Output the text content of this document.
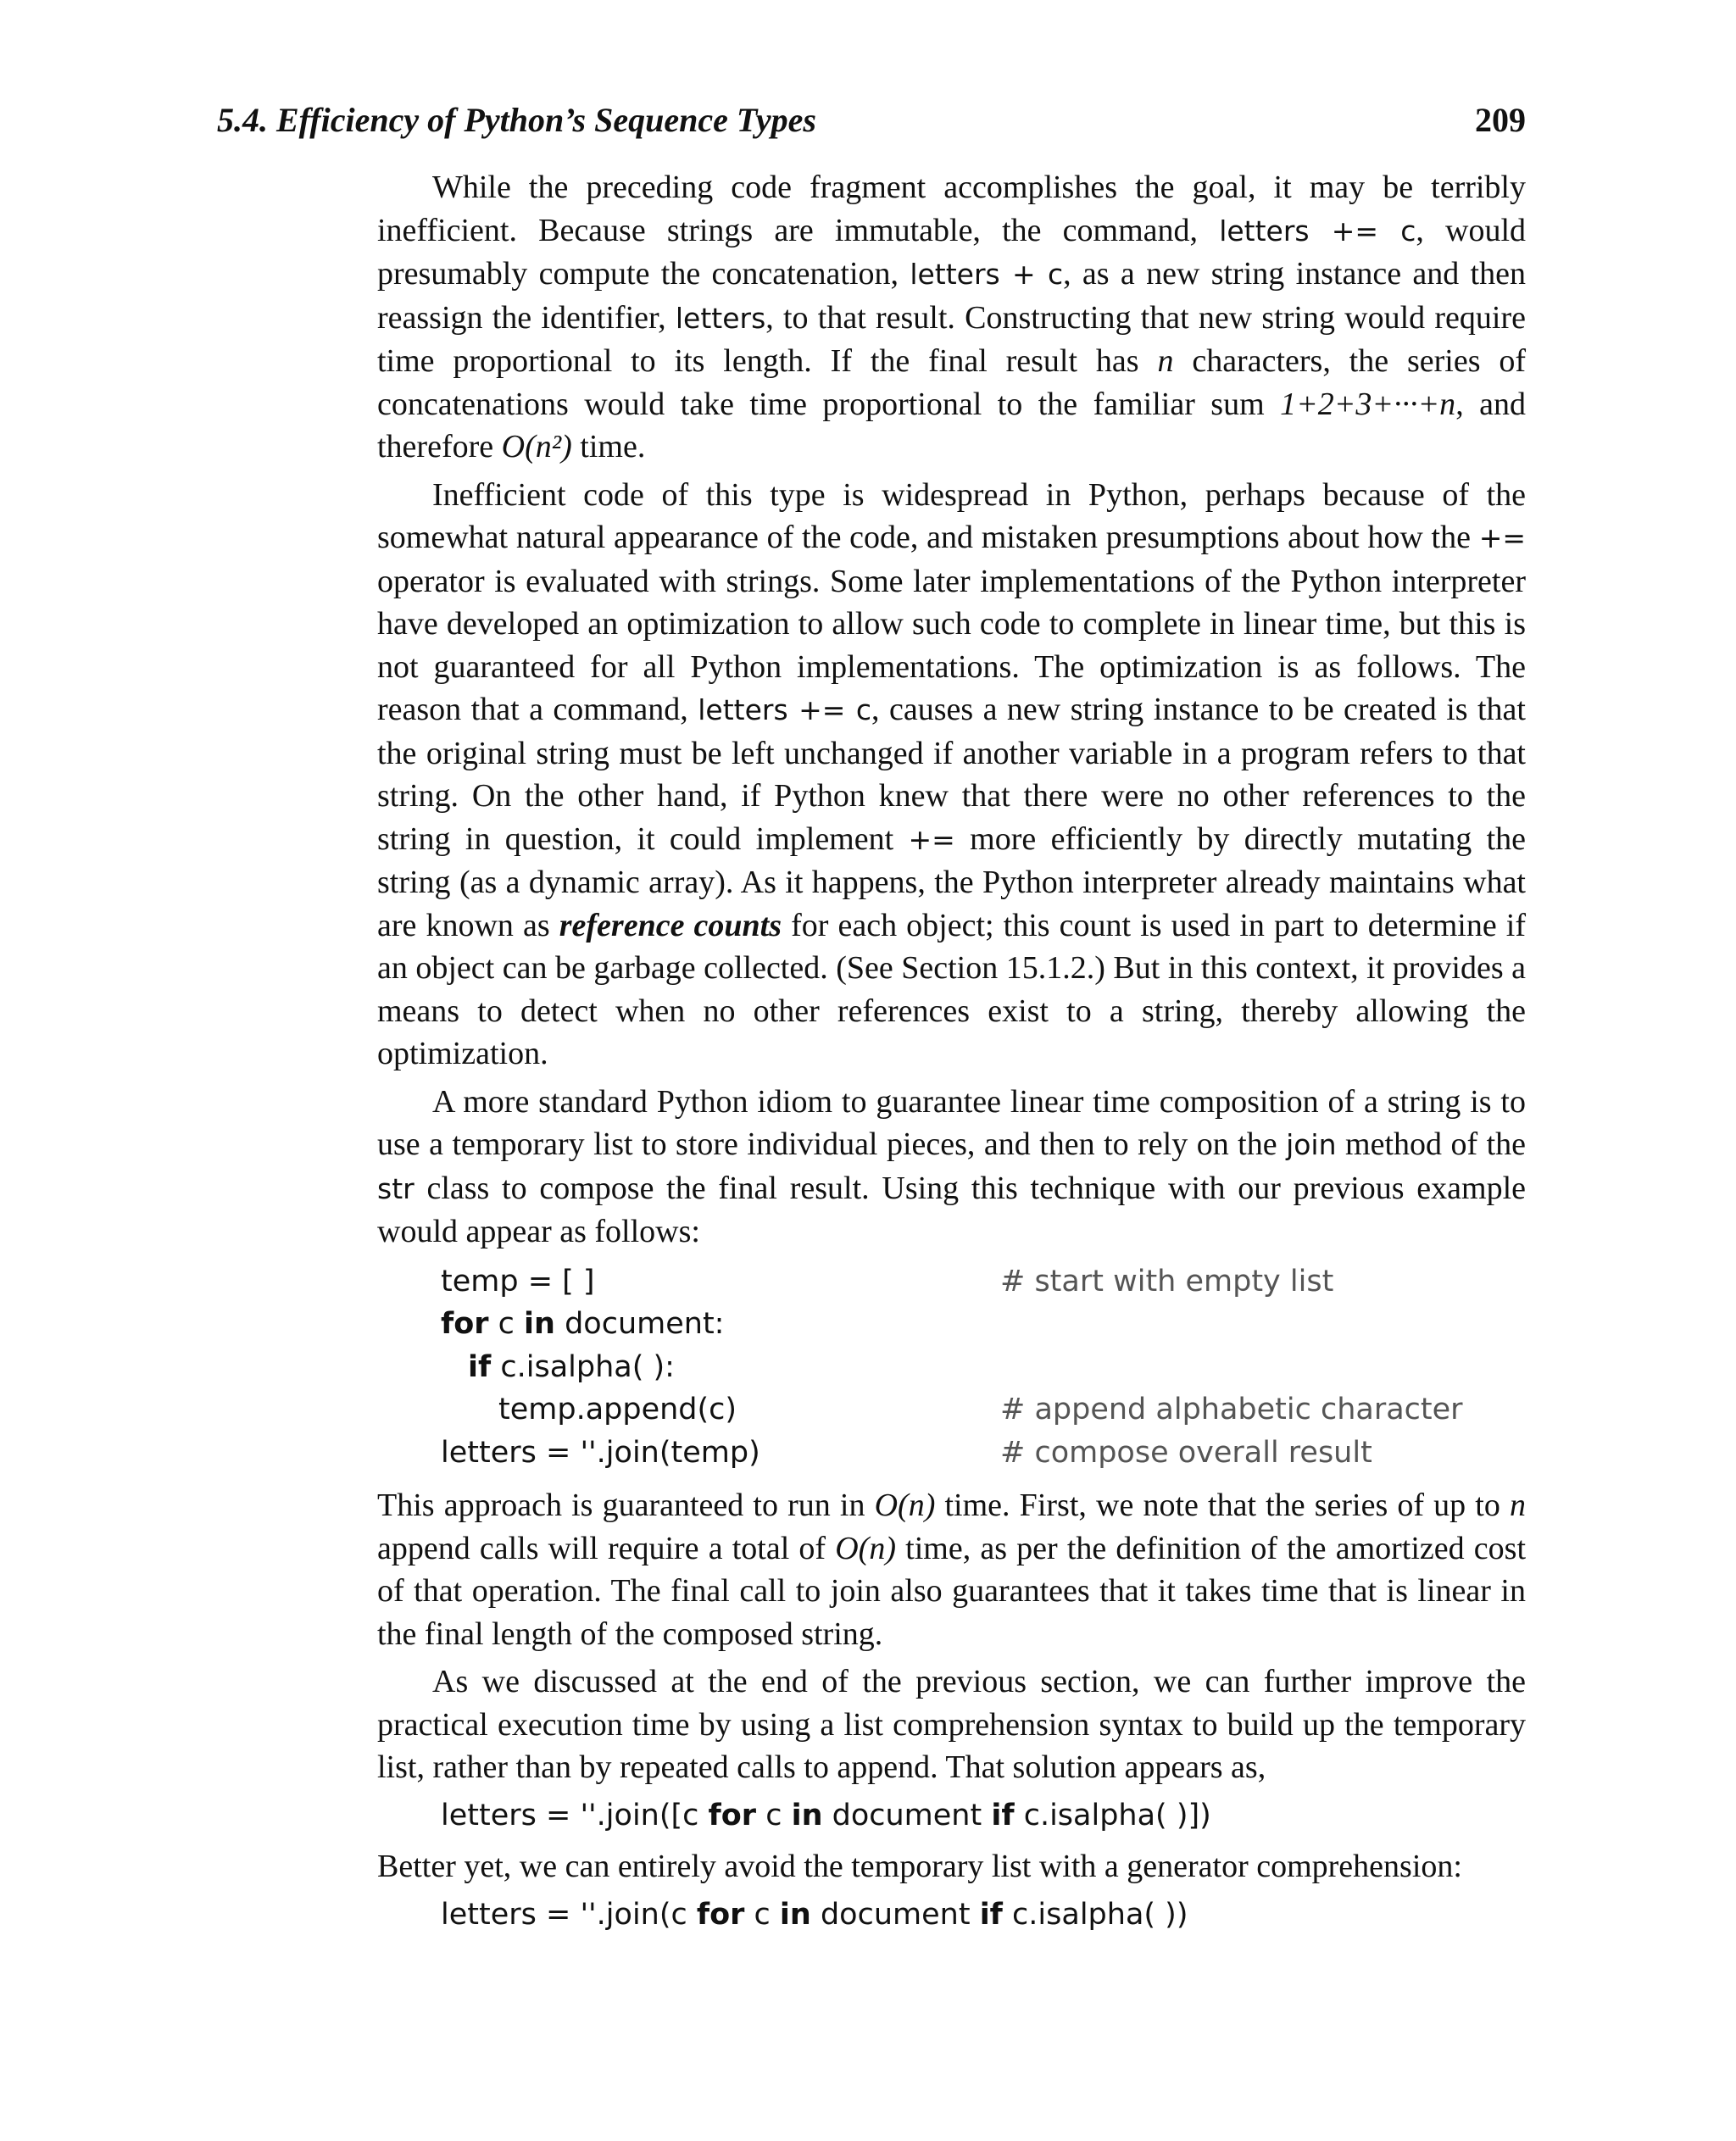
5.4. Efficiency of Python’s Sequence Types	209

While the preceding code fragment accomplishes the goal, it may be terribly inefficient. Because strings are immutable, the command, letters += c, would presumably compute the concatenation, letters + c, as a new string instance and then reassign the identifier, letters, to that result. Constructing that new string would require time proportional to its length. If the final result has n characters, the series of concatenations would take time proportional to the familiar sum 1+2+3+···+n, and therefore O(n²) time.

Inefficient code of this type is widespread in Python, perhaps because of the somewhat natural appearance of the code, and mistaken presumptions about how the += operator is evaluated with strings. Some later implementations of the Python interpreter have developed an optimization to allow such code to complete in linear time, but this is not guaranteed for all Python implementations. The optimization is as follows. The reason that a command, letters += c, causes a new string instance to be created is that the original string must be left unchanged if another variable in a program refers to that string. On the other hand, if Python knew that there were no other references to the string in question, it could implement += more efficiently by directly mutating the string (as a dynamic array). As it happens, the Python interpreter already maintains what are known as reference counts for each object; this count is used in part to determine if an object can be garbage collected. (See Section 15.1.2.) But in this context, it provides a means to detect when no other references exist to a string, thereby allowing the optimization.

A more standard Python idiom to guarantee linear time composition of a string is to use a temporary list to store individual pieces, and then to rely on the join method of the str class to compose the final result. Using this technique with our previous example would appear as follows:

temp = [ ]	# start with empty list
for c in document:
if c.isalpha( ):
temp.append(c)	# append alphabetic character
letters = ''.join(temp)	# compose overall result

This approach is guaranteed to run in O(n) time. First, we note that the series of up to n append calls will require a total of O(n) time, as per the definition of the amortized cost of that operation. The final call to join also guarantees that it takes time that is linear in the final length of the composed string.

As we discussed at the end of the previous section, we can further improve the practical execution time by using a list comprehension syntax to build up the temporary list, rather than by repeated calls to append. That solution appears as,

letters = ''.join([c for c in document if c.isalpha( )])

Better yet, we can entirely avoid the temporary list with a generator comprehension:

letters = ''.join(c for c in document if c.isalpha( ))
